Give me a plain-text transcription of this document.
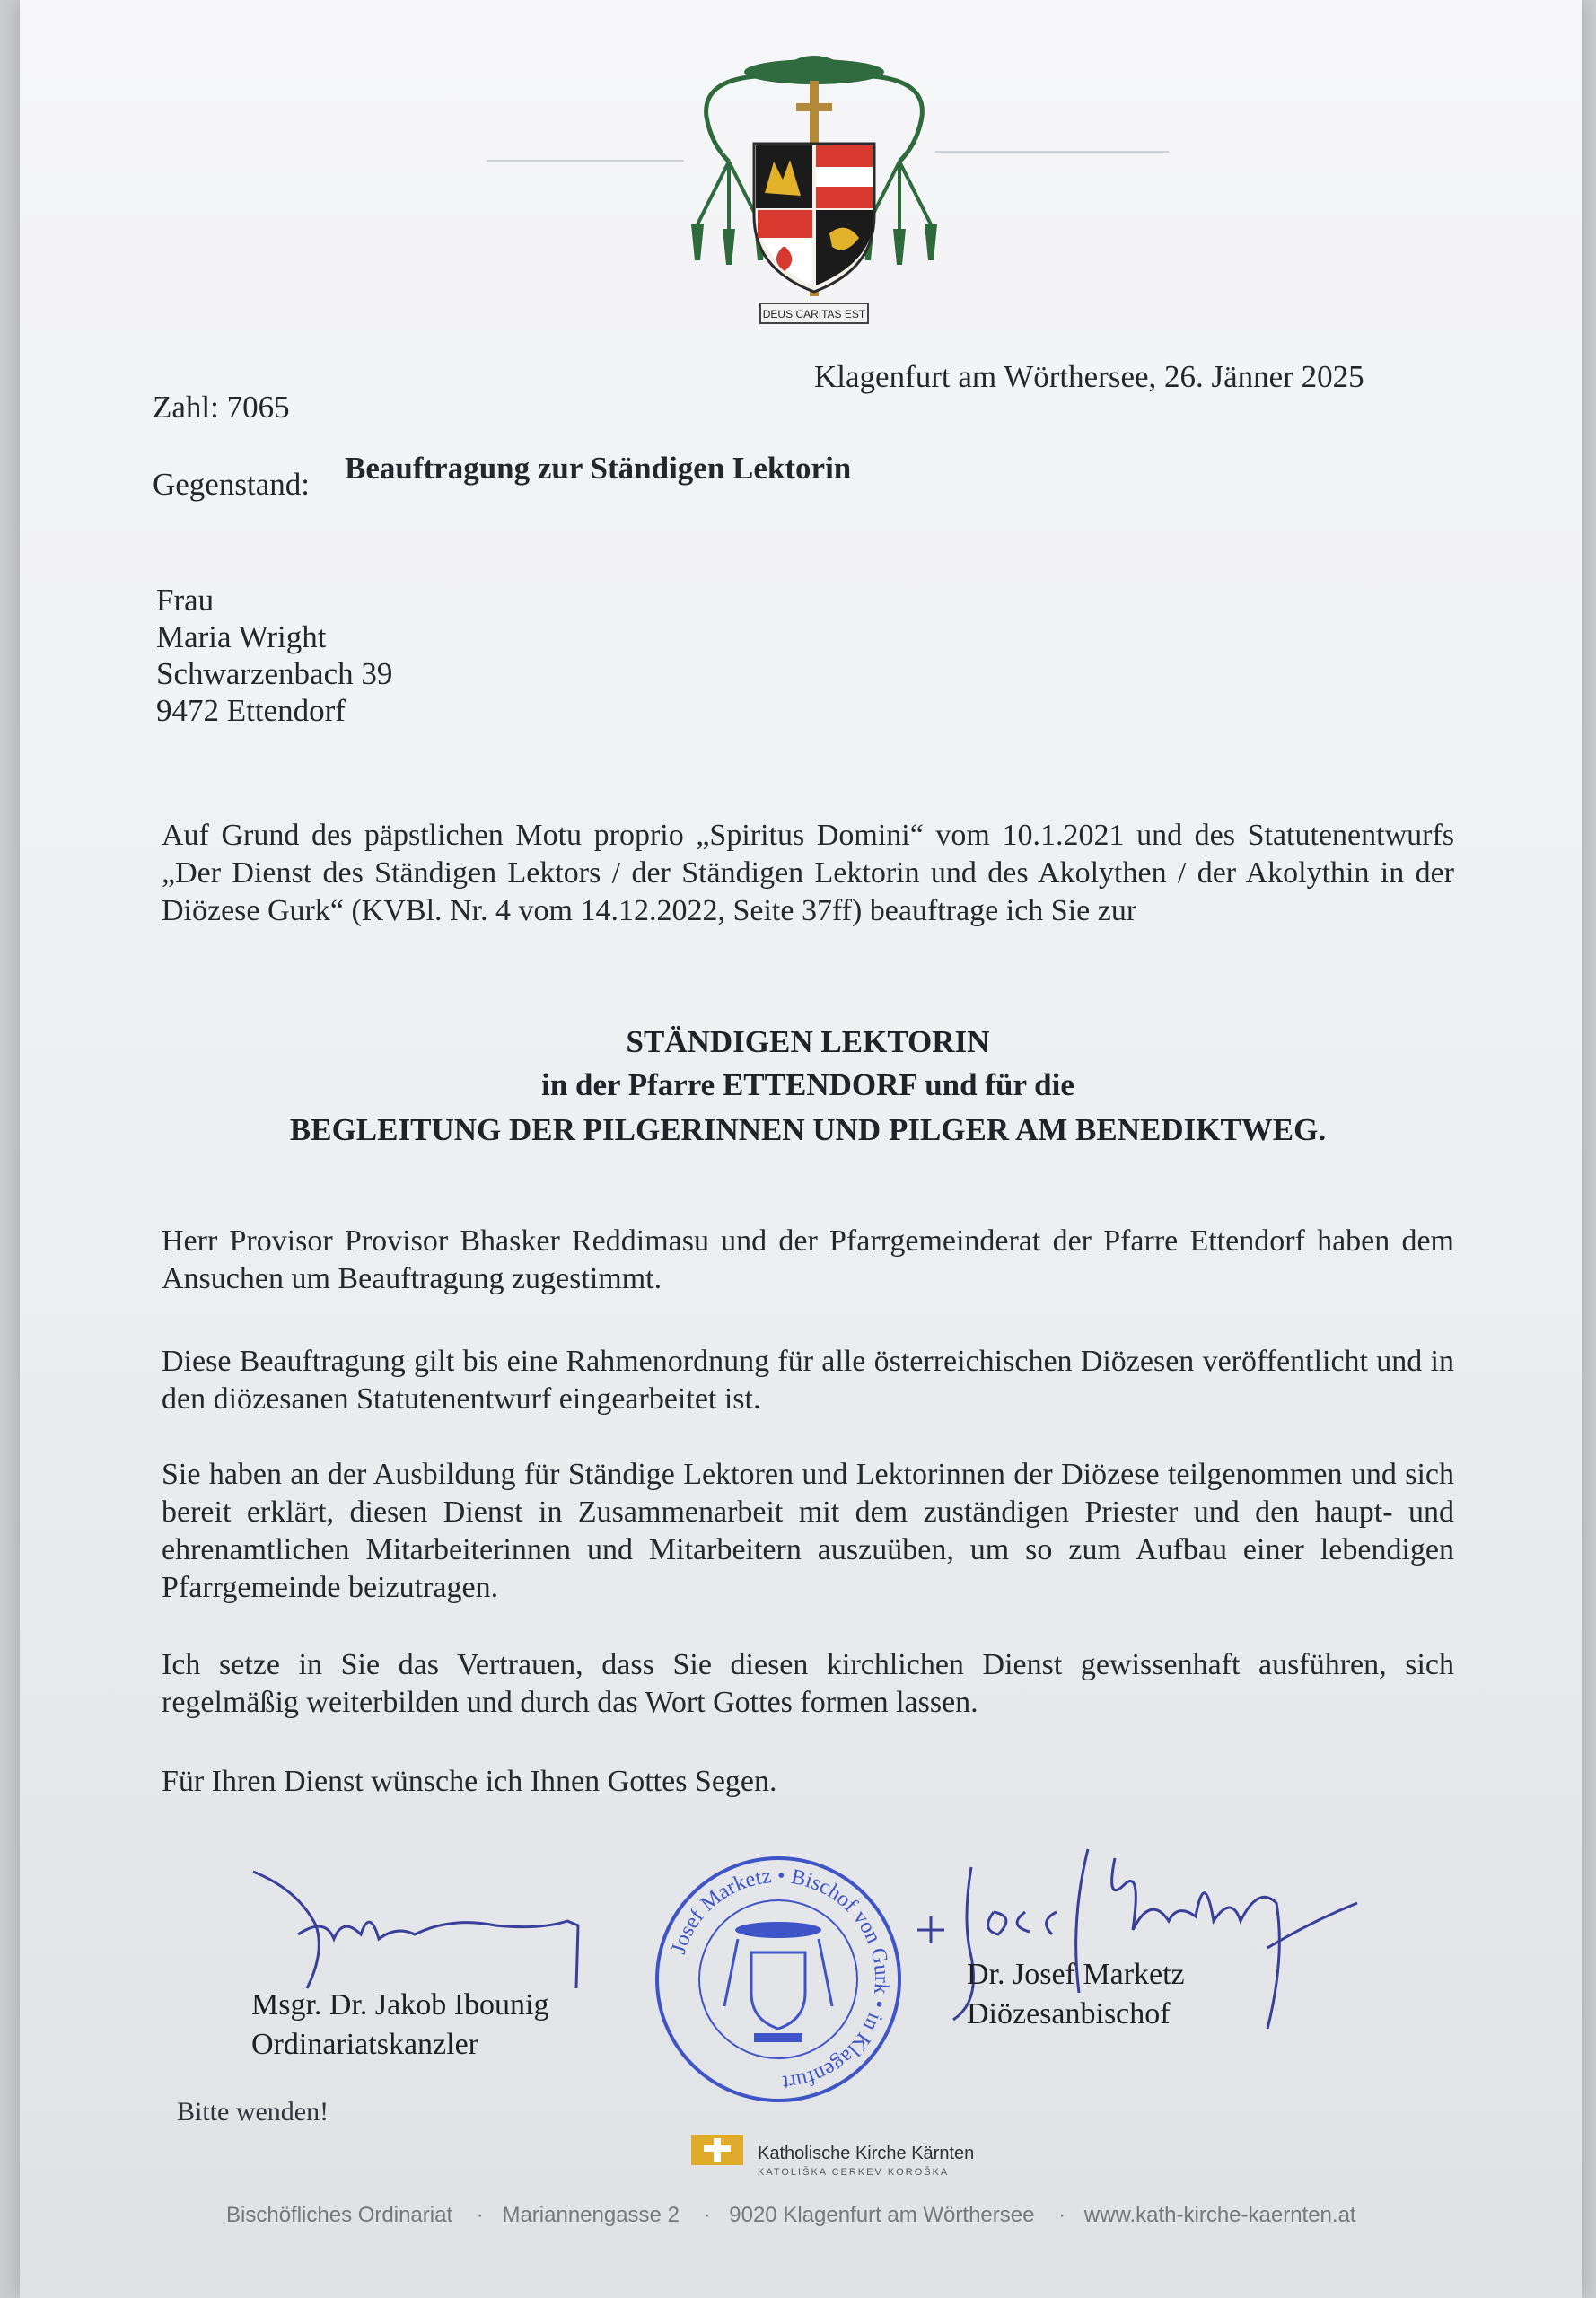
DEUS CARITAS EST
Zahl: 7065
Klagenfurt am Wörthersee, 26. Jänner 2025
Gegenstand: Beauftragung zur Ständigen Lektorin
Frau
Maria Wright
Schwarzenbach 39
9472 Ettendorf
Auf Grund des päpstlichen Motu proprio „Spiritus Domini“ vom 10.1.2021 und des Statutenentwurfs „Der Dienst des Ständigen Lektors / der Ständigen Lektorin und des Akolythen / der Akolythin in der Diözese Gurk“ (KVBl. Nr. 4 vom 14.12.2022, Seite 37ff) beauftrage ich Sie zur
STÄNDIGEN LEKTORIN
in der Pfarre ETTENDORF und für die
BEGLEITUNG DER PILGERINNEN UND PILGER AM BENEDIKTWEG.
Herr Provisor Provisor Bhasker Reddimasu und der Pfarrgemeinderat der Pfarre Ettendorf haben dem Ansuchen um Beauftragung zugestimmt.
Diese Beauftragung gilt bis eine Rahmenordnung für alle österreichischen Diözesen veröffentlicht und in den diözesanen Statutenentwurf eingearbeitet ist.
Sie haben an der Ausbildung für Ständige Lektoren und Lektorinnen der Diözese teilgenommen und sich bereit erklärt, diesen Dienst in Zusammenarbeit mit dem zuständigen Priester und den haupt- und ehrenamtlichen Mitarbeiterinnen und Mitarbeitern auszuüben, um so zum Aufbau einer lebendigen Pfarrgemeinde beizutragen.
Ich setze in Sie das Vertrauen, dass Sie diesen kirchlichen Dienst gewissenhaft ausführen, sich regelmäßig weiterbilden und durch das Wort Gottes formen lassen.
Für Ihren Dienst wünsche ich Ihnen Gottes Segen.
Msgr. Dr. Jakob Ibounig
Ordinariatskanzler
Josef Marketz • Bischof von Gurk • in Klagenfurt
Dr. Josef Marketz
Diözesanbischof
Bitte wenden!
Katholische Kirche Kärnten
KATOLIŠKA CERKEV KOROŠKA
Bischöfliches Ordinariat · Mariannengasse 2 · 9020 Klagenfurt am Wörthersee · www.kath-kirche-kaernten.at
